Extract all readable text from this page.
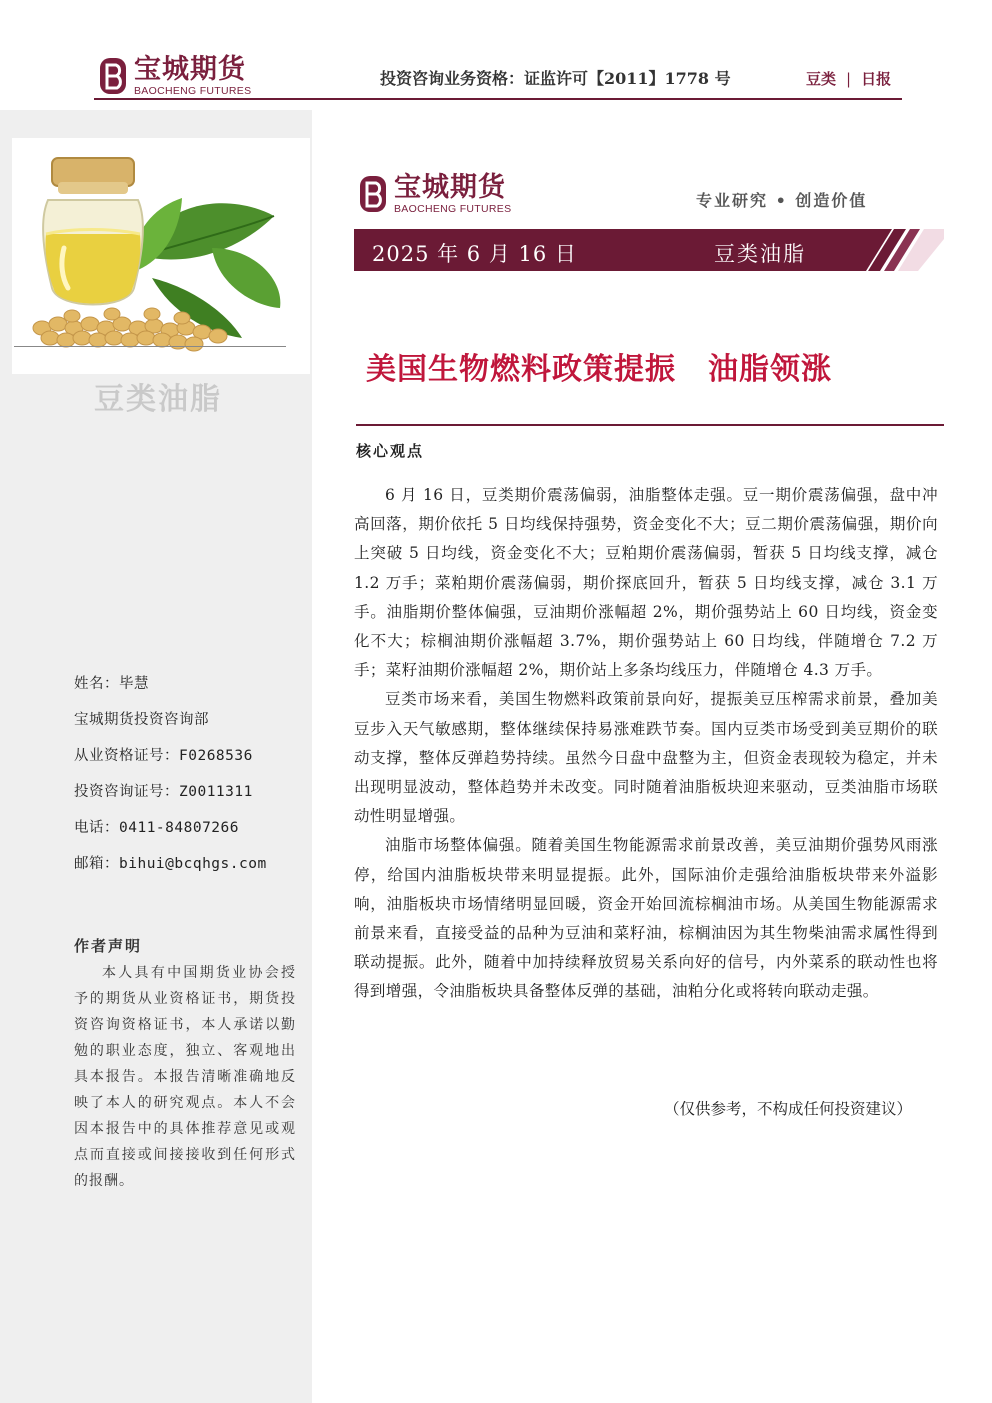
宝城期货
BAOCHENG FUTURES
投资咨询业务资格：证监许可【2011】1778 号	豆类 | 日报
豆类油脂
姓名：毕慧
宝城期货投资咨询部
从业资格证号：F0268536
投资咨询证号：Z0011311
电话：0411-84807266
邮箱：bihui@bcqhgs.com
作者声明
本人具有中国期货业协会授予的期货从业资格证书，期货投资咨询资格证书，本人承诺以勤勉的职业态度，独立、客观地出具本报告。本报告清晰准确地反映了本人的研究观点。本人不会因本报告中的具体推荐意见或观点而直接或间接接收到任何形式的报酬。
宝城期货
BAOCHENG FUTURES	专业研究 • 创造价值
2025 年 6 月 16 日	豆类油脂
美国生物燃料政策提振 油脂领涨
核心观点

6 月 16 日，豆类期价震荡偏弱，油脂整体走强。豆一期价震荡偏强，盘中冲高回落，期价依托 5 日均线保持强势，资金变化不大；豆二期价震荡偏强，期价向上突破 5 日均线，资金变化不大；豆粕期价震荡偏弱，暂获 5 日均线支撑，减仓 1.2 万手；菜粕期价震荡偏弱，期价探底回升，暂获 5 日均线支撑，减仓 3.1 万手。油脂期价整体偏强，豆油期价涨幅超 2%，期价强势站上 60 日均线，资金变化不大；棕榈油期价涨幅超 3.7%，期价强势站上 60 日均线，伴随增仓 7.2 万手；菜籽油期价涨幅超 2%，期价站上多条均线压力，伴随增仓 4.3 万手。

豆类市场来看，美国生物燃料政策前景向好，提振美豆压榨需求前景，叠加美豆步入天气敏感期，整体继续保持易涨难跌节奏。国内豆类市场受到美豆期价的联动支撑，整体反弹趋势持续。虽然今日盘中盘整为主，但资金表现较为稳定，并未出现明显波动，整体趋势并未改变。同时随着油脂板块迎来驱动，豆类油脂市场联动性明显增强。

油脂市场整体偏强。随着美国生物能源需求前景改善，美豆油期价强势风雨涨停，给国内油脂板块带来明显提振。此外，国际油价走强给油脂板块带来外溢影响，油脂板块市场情绪明显回暖，资金开始回流棕榈油市场。从美国生物能源需求前景来看，直接受益的品种为豆油和菜籽油，棕榈油因为其生物柴油需求属性得到联动提振。此外，随着中加持续释放贸易关系向好的信号，内外菜系的联动性也将得到增强，令油脂板块具备整体反弹的基础，油粕分化或将转向联动走强。

（仅供参考，不构成任何投资建议）
